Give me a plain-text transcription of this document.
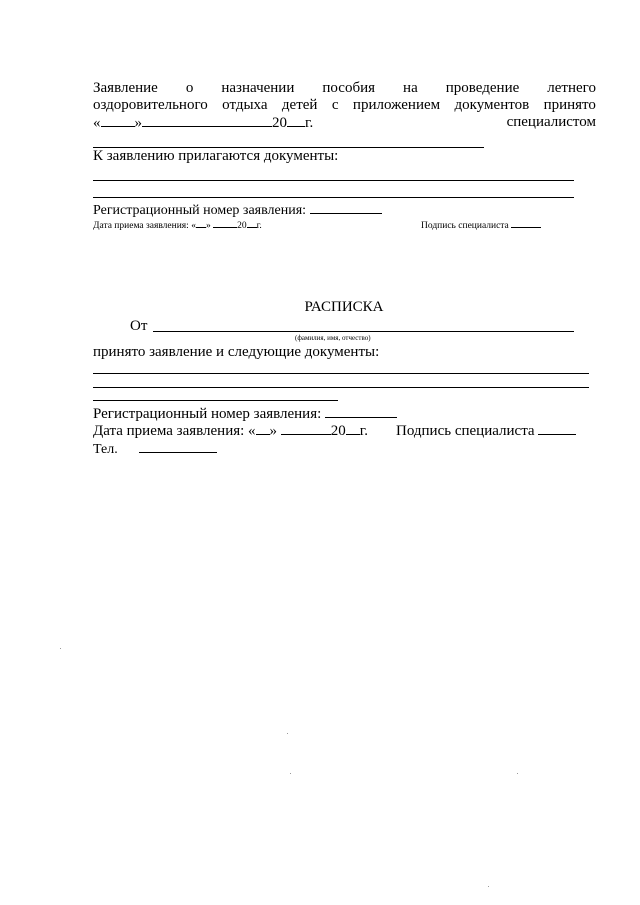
Заявление о назначении пособия на проведение летнего
оздоровительного отдыха детей с приложением документов принято
« »	20 г.	специалистом
К заявлению прилагаются документы:
Регистрационный номер заявления:
Дата приема заявления: « »	20 г.	Подпись специалиста
РАСПИСКА
От
(фамилия, имя, отчество)
принято заявление и следующие документы:
Регистрационный номер заявления:
Дата приема заявления: « »	20 г. Подпись специалиста
Тел.
